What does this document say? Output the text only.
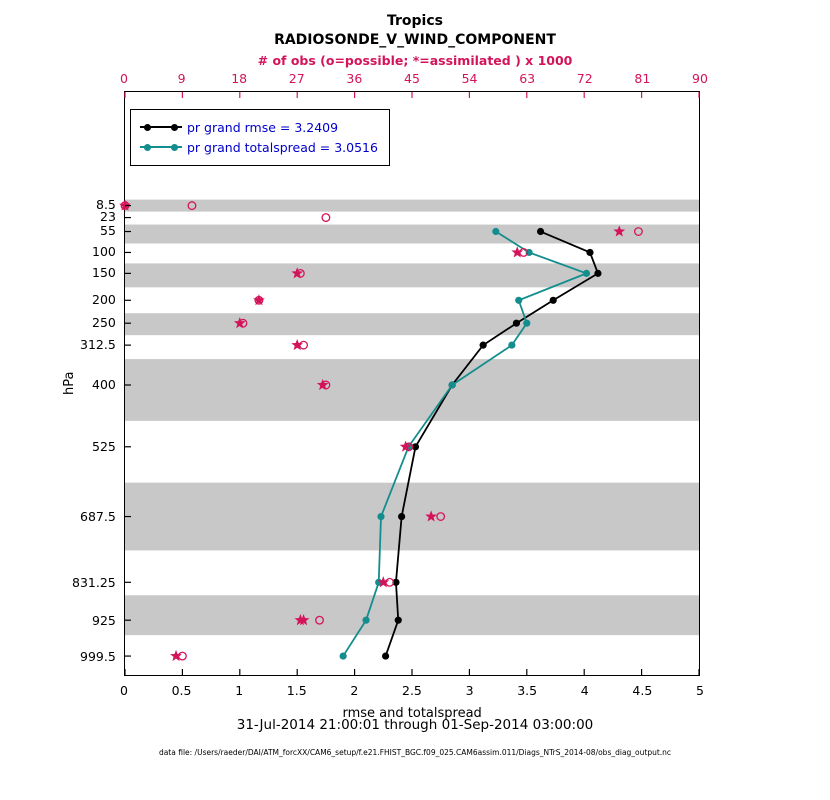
Tropics
RADIOSONDE_V_WIND_COMPONENT
# of obs (o=possible; *=assimilated ) x 1000
hPa
rmse and totalspread
pr grand rmse = 3.2409
pr grand totalspread = 3.0516
31-Jul-2014 21:00:01 through 01-Sep-2014 03:00:00
data file: /Users/raeder/DAI/ATM_forcXX/CAM6_setup/f.e21.FHIST_BGC.f09_025.CAM6assim.011/Diags_NTrS_2014-08/obs_diag_output.nc
0	0.5	1	1.5	2	2.5	3	3.5	4	4.5	5
0	9	18	27	36	45	54	63	72	81	90
8.5
23
55
100
150
200
250
312.5
400
525
687.5
831.25
925
999.5
